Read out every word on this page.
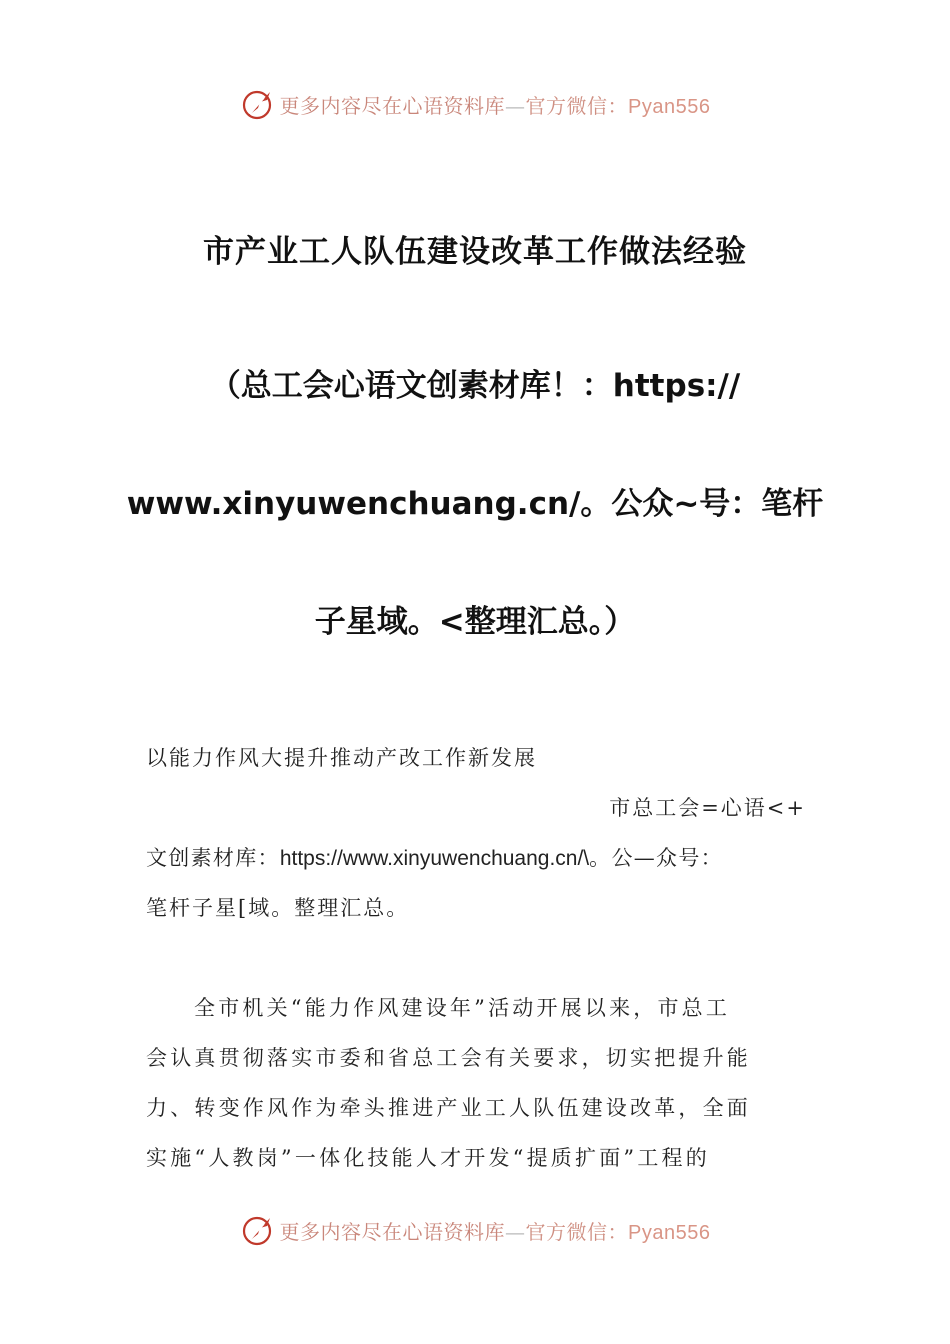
更多内容尽在心语资料库—官方微信：Pyan556
市产业工人队伍建设改革工作做法经验
（总工会心语文创素材库！：https://
www.xinyuwenchuang.cn/。公众~号：笔杆
子星域。<整理汇总。）
以能力作风大提升推动产改工作新发展
市总工会=心语<+
文创素材库：https://www.xinyuwenchuang.cn/\。公—众号：
笔杆子星[域。整理汇总。
全市机关“能力作风建设年”活动开展以来，市总工
会认真贯彻落实市委和省总工会有关要求，切实把提升能
力、转变作风作为牵头推进产业工人队伍建设改革，全面
实施“人教岗”一体化技能人才开发“提质扩面”工程的
更多内容尽在心语资料库—官方微信：Pyan556
